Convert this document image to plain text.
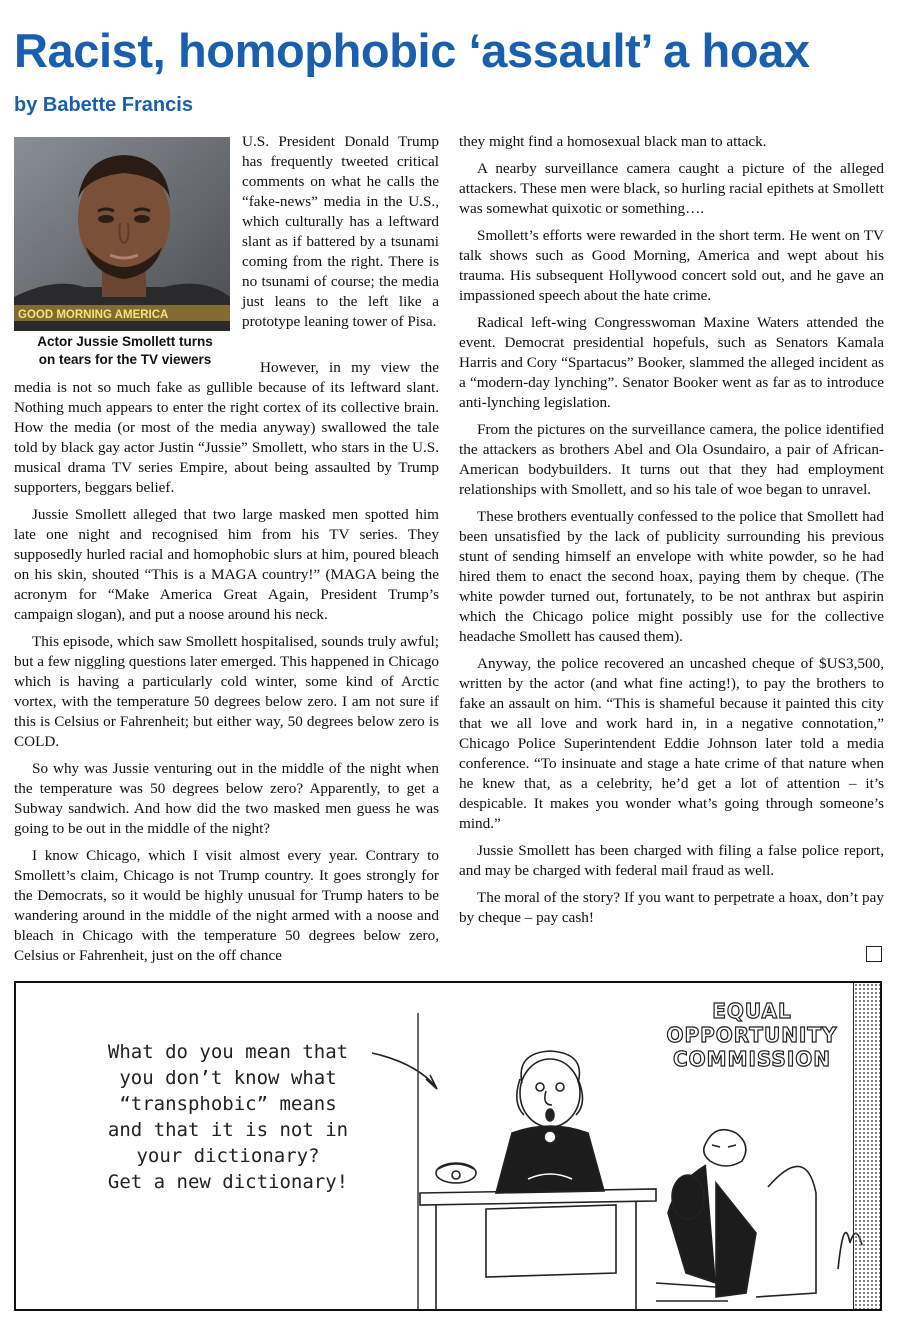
Racist, homophobic ‘assault’ a hoax
by Babette Francis
GOOD MORNING AMERICA
Actor Jussie Smollett turns
on tears for the TV viewers

U.S. President Donald Trump has frequently tweeted critical comments on what he calls the “fake-news” media in the U.S., which culturally has a leftward slant as if battered by a tsunami coming from the right. There is no tsunami of course; the media just leans to the left like a prototype leaning tower of Pisa.

However, in my view the media is not so much fake as gullible because of its leftward slant. Nothing much appears to enter the right cortex of its collective brain. How the media (or most of the media anyway) swallowed the tale told by black gay actor Justin “Jussie” Smollett, who stars in the U.S. musical drama TV series Empire, about being assaulted by Trump supporters, beggars belief.

Jussie Smollett alleged that two large masked men spotted him late one night and recognised him from his TV series. They supposedly hurled racial and homophobic slurs at him, poured bleach on his skin, shouted “This is a MAGA country!” (MAGA being the acronym for “Make America Great Again, President Trump’s campaign slogan), and put a noose around his neck.

This episode, which saw Smollett hospitalised, sounds truly awful; but a few niggling questions later emerged. This happened in Chicago which is having a particularly cold winter, some kind of Arctic vortex, with the temperature 50 degrees below zero. I am not sure if this is Celsius or Fahrenheit; but either way, 50 degrees below zero is COLD.

So why was Jussie venturing out in the middle of the night when the temperature was 50 degrees below zero? Apparently, to get a Subway sandwich. And how did the two masked men guess he was going to be out in the middle of the night?

I know Chicago, which I visit almost every year. Contrary to Smollett’s claim, Chicago is not Trump country. It goes strongly for the Democrats, so it would be highly unusual for Trump haters to be wandering around in the middle of the night armed with a noose and bleach in Chicago with the temperature 50 degrees below zero, Celsius or Fahrenheit, just on the off chance

they might find a homosexual black man to attack.

A nearby surveillance camera caught a picture of the alleged attackers. These men were black, so hurling racial epithets at Smollett was somewhat quixotic or something….

Smollett’s efforts were rewarded in the short term. He went on TV talk shows such as Good Morning, America and wept about his trauma. His subsequent Hollywood concert sold out, and he gave an impassioned speech about the hate crime.

Radical left-wing Congresswoman Maxine Waters attended the event. Democrat presidential hopefuls, such as Senators Kamala Harris and Cory “Spartacus” Booker, slammed the alleged incident as a “modern-day lynching”. Senator Booker went as far as to introduce anti-lynching legislation.

From the pictures on the surveillance camera, the police identified the attackers as brothers Abel and Ola Osundairo, a pair of African-American bodybuilders. It turns out that they had employment relationships with Smollett, and so his tale of woe began to unravel.

These brothers eventually confessed to the police that Smollett had been unsatisfied by the lack of publicity surrounding his previous stunt of sending himself an envelope with white powder, so he had hired them to enact the second hoax, paying them by cheque. (The white powder turned out, fortunately, to be not anthrax but aspirin which the Chicago police might possibly use for the collective headache Smollett has caused them).

Anyway, the police recovered an uncashed cheque of $US3,500, written by the actor (and what fine acting!), to pay the brothers to fake an assault on him. “This is shameful because it painted this city that we all love and work hard in, in a negative connotation,” Chicago Police Superintendent Eddie Johnson later told a media conference. “To insinuate and stage a hate crime of that nature when he knew that, as a celebrity, he’d get a lot of attention – it’s despicable. It makes you wonder what’s going through someone’s mind.”

Jussie Smollett has been charged with filing a false police report, and may be charged with federal mail fraud as well.

The moral of the story? If you want to perpetrate a hoax, don’t pay by cheque – pay cash!

What do you mean that
you don’t know what
“transphobic” means
and that it is not in
your dictionary?
Get a new dictionary!
EQUAL
OPPORTUNITY
COMMISSION
